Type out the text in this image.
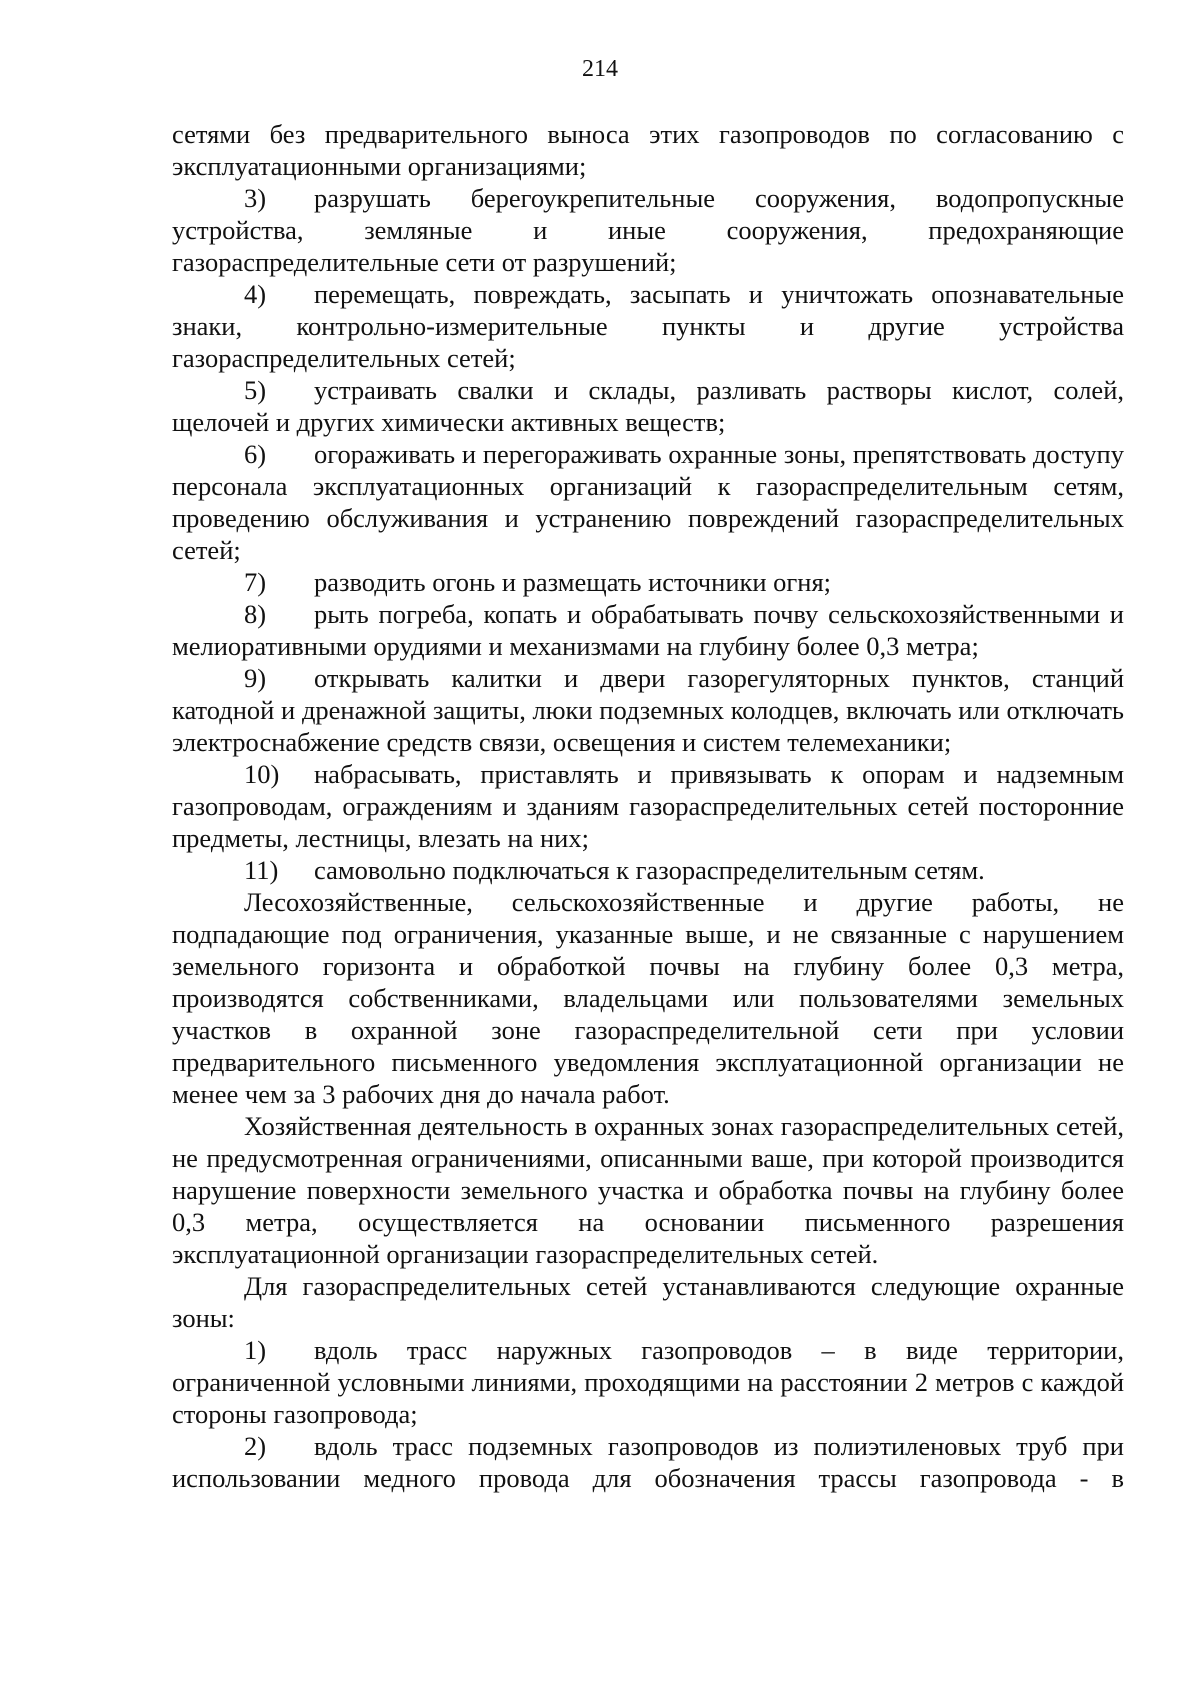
214

сетями без предварительного выноса этих газопроводов по согласованию с эксплуатационными организациями;

3) разрушать берегоукрепительные сооружения, водопропускные устройства, земляные и иные сооружения, предохраняющие газораспределительные сети от разрушений;

4) перемещать, повреждать, засыпать и уничтожать опознавательные знаки, контрольно-измерительные пункты и другие устройства газораспределительных сетей;

5) устраивать свалки и склады, разливать растворы кислот, солей, щелочей и других химически активных веществ;

6) огораживать и перегораживать охранные зоны, препятствовать доступу персонала эксплуатационных организаций к газораспределительным сетям, проведению обслуживания и устранению повреждений газораспределительных сетей;

7) разводить огонь и размещать источники огня;

8) рыть погреба, копать и обрабатывать почву сельскохозяйственными и мелиоративными орудиями и механизмами на глубину более 0,3 метра;

9) открывать калитки и двери газорегуляторных пунктов, станций катодной и дренажной защиты, люки подземных колодцев, включать или отключать электроснабжение средств связи, освещения и систем телемеханики;

10) набрасывать, приставлять и привязывать к опорам и надземным газопроводам, ограждениям и зданиям газораспределительных сетей посторонние предметы, лестницы, влезать на них;

11) самовольно подключаться к газораспределительным сетям.

Лесохозяйственные, сельскохозяйственные и другие работы, не подпадающие под ограничения, указанные выше, и не связанные с нарушением земельного горизонта и обработкой почвы на глубину более 0,3 метра, производятся собственниками, владельцами или пользователями земельных участков в охранной зоне газораспределительной сети при условии предварительного письменного уведомления эксплуатационной организации не менее чем за 3 рабочих дня до начала работ.

Хозяйственная деятельность в охранных зонах газораспределительных сетей, не предусмотренная ограничениями, описанными ваше, при которой производится нарушение поверхности земельного участка и обработка почвы на глубину более 0,3 метра, осуществляется на основании письменного разрешения эксплуатационной организации газораспределительных сетей.

Для газораспределительных сетей устанавливаются следующие охранные зоны:

1) вдоль трасс наружных газопроводов – в виде территории, ограниченной условными линиями, проходящими на расстоянии 2 метров с каждой стороны газопровода;

2) вдоль трасс подземных газопроводов из полиэтиленовых труб при использовании медного провода для обозначения трассы газопровода - в
